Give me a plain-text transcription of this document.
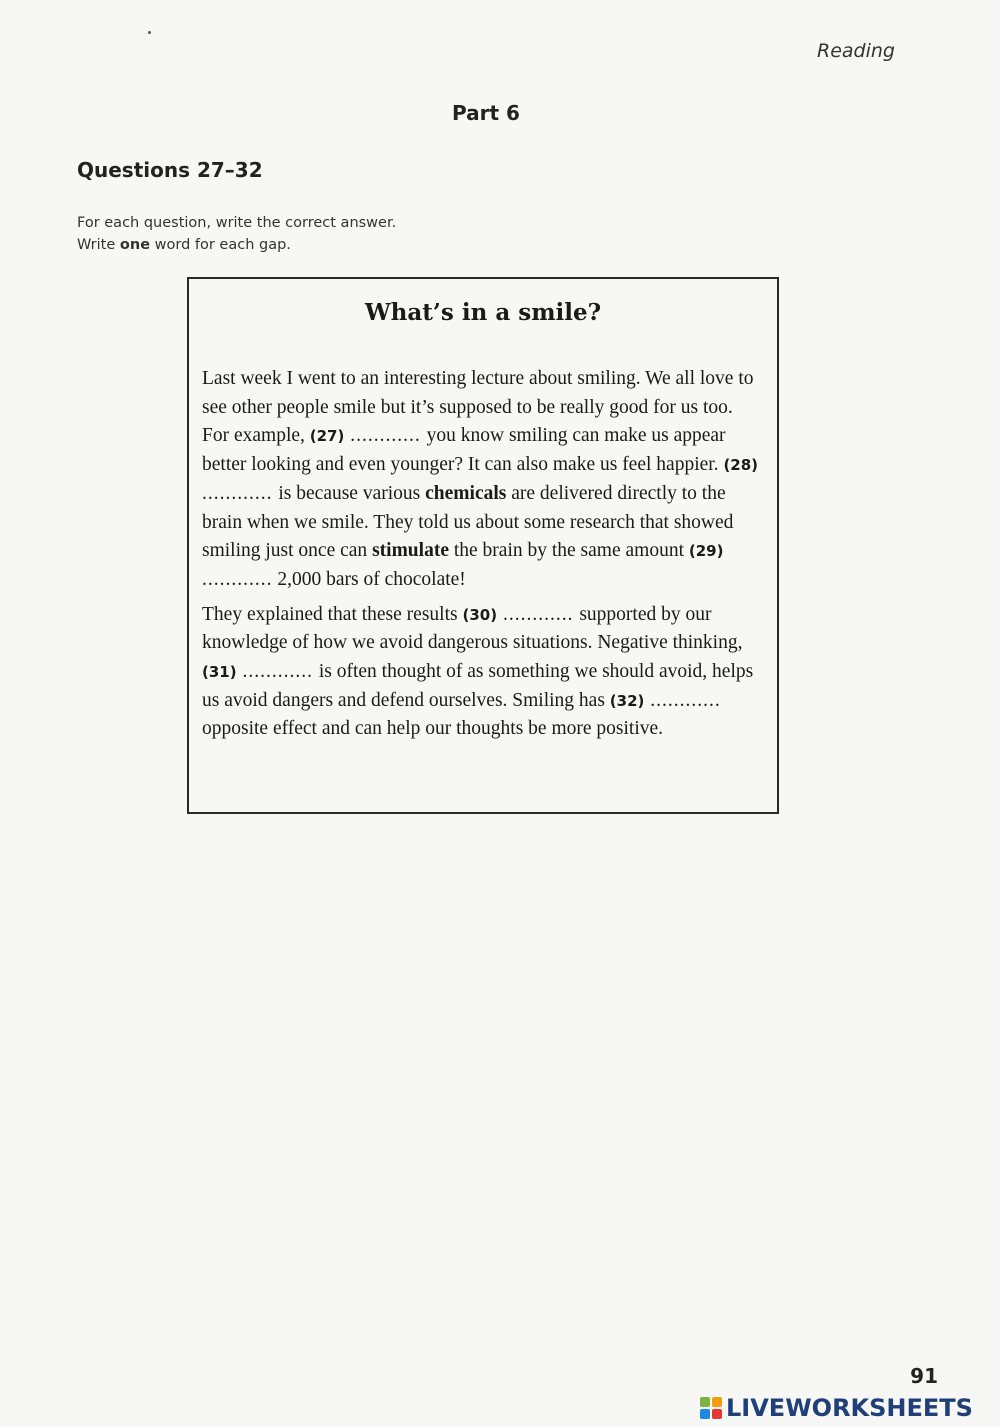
Reading
Part 6
Questions 27–32
For each question, write the correct answer.
Write one word for each gap.
What’s in a smile?

Last week I went to an interesting lecture about smiling. We all love to see other people smile but it’s supposed to be really good for us too. For example, (27) ............ you know smiling can make us appear better looking and even younger? It can also make us feel happier. (28) ............ is because various chemicals are delivered directly to the brain when we smile. They told us about some research that showed smiling just once can stimulate the brain by the same amount (29) ............ 2,000 bars of chocolate!

They explained that these results (30) ............ supported by our knowledge of how we avoid dangerous situations. Negative thinking, (31) ............ is often thought of as something we should avoid, helps us avoid dangers and defend ourselves. Smiling has (32) ............ opposite effect and can help our thoughts be more positive.

91
LIVEWORKSHEETS
